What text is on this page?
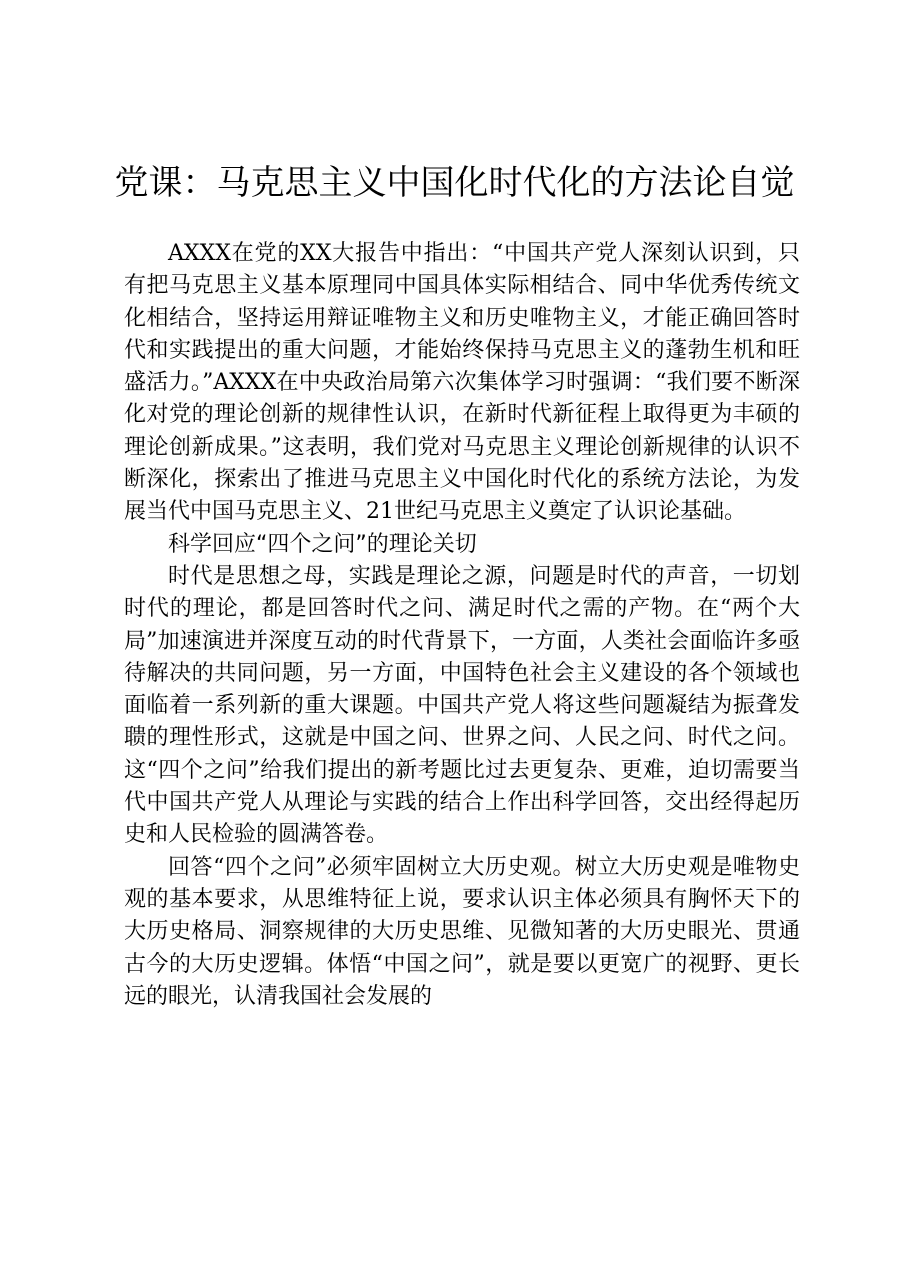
党课：马克思主义中国化时代化的方法论自觉

AXXX在党的XX大报告中指出：“中国共产党人深刻认识到，只有把马克思主义基本原理同中国具体实际相结合、同中华优秀传统文化相结合，坚持运用辩证唯物主义和历史唯物主义，才能正确回答时代和实践提出的重大问题，才能始终保持马克思主义的蓬勃生机和旺盛活力。”AXXX在中央政治局第六次集体学习时强调：“我们要不断深化对党的理论创新的规律性认识，在新时代新征程上取得更为丰硕的理论创新成果。”这表明，我们党对马克思主义理论创新规律的认识不断深化，探索出了推进马克思主义中国化时代化的系统方法论，为发展当代中国马克思主义、21世纪马克思主义奠定了认识论基础。

科学回应“四个之问”的理论关切

时代是思想之母，实践是理论之源，问题是时代的声音，一切划时代的理论，都是回答时代之问、满足时代之需的产物。在“两个大局”加速演进并深度互动的时代背景下，一方面，人类社会面临许多亟待解决的共同问题，另一方面，中国特色社会主义建设的各个领域也面临着一系列新的重大课题。中国共产党人将这些问题凝结为振聋发聩的理性形式，这就是中国之问、世界之问、人民之问、时代之问。这“四个之问”给我们提出的新考题比过去更复杂、更难，迫切需要当代中国共产党人从理论与实践的结合上作出科学回答，交出经得起历史和人民检验的圆满答卷。

回答“四个之问”必须牢固树立大历史观。树立大历史观是唯物史观的基本要求，从思维特征上说，要求认识主体必须具有胸怀天下的大历史格局、洞察规律的大历史思维、见微知著的大历史眼光、贯通古今的大历史逻辑。体悟“中国之问”，就是要以更宽广的视野、更长远的眼光，认清我国社会发展的
